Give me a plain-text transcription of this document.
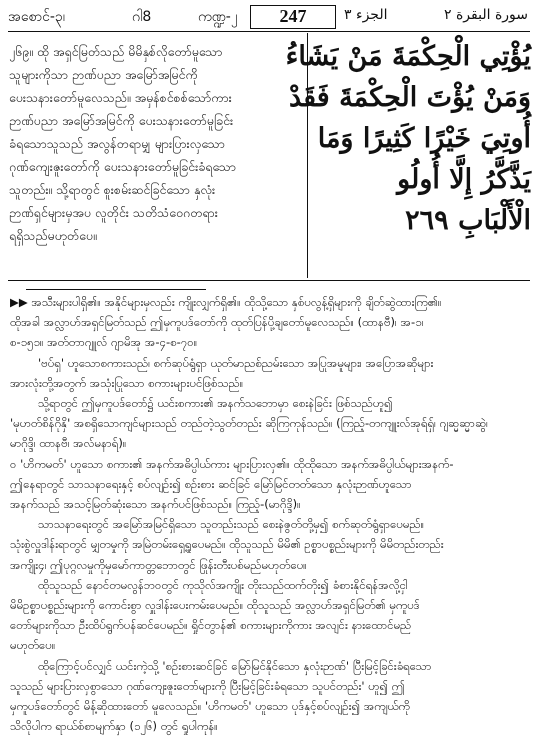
အစောင်-၃၊	ဂါ8	ကဏ္ဍ-၂	247	الجزء ٣	سورة البقرة ٢

၂၆၉။ ထို အရှင်မြတ်သည် မိမိနှစ်လိုတော်မူသော

သူများကိုသာ ဉာဏ်ပညာ အမြော်အမြင်ကို

ပေးသနားတော်မူလေသည်။ အမှန်စင်စစ်သော်ကား

ဉာဏ်ပညာ အမြော်အမြင်ကို ပေးသနားတော်မူခြင်း

ခံရသောသူသည် အလွန်တရာမျှ များပြားလှသော

ဂုဏ်ကျေးဇူးတော်ကို ပေးသနားတော်မူခြင်းခံရသော

သူတည်း။ သို့ရာတွင် စူးစမ်းဆင်ခြင်သော နှလုံး

ဉာဏ်ရှင်များမှအပ လူတိုင်း သတိသံဝေဂတရား

ရရှိသည်မဟုတ်ပေ။

يُؤْتِي الْحِكْمَةَ مَنْ يَشَاءُ

وَمَنْ يُؤْتَ الْحِكْمَةَ فَقَدْ

أُوتِيَ خَيْرًا كَثِيرًا وَمَا

يَذَّكَّرُ إِلَّا أُولُو

الْأَلْبَابِ ٢٦٩

▶▶ အသီးများပါရှိ၏။ အနိုင်များမှလည်း ကျိုးလျှက်ရှိ၏။ ထိုသို့သော နှစ်ပလွန့်ရှိများကို ချိတ်ဆွဲထားကြ၏။

ထိုအခါ အလ္လာဟ်အရှင်မြတ်သည် ဤမှကူပဒ်တော်ကို ထုတ်ပြန်ပို့ချတော်မူလေသည်။ (ထာနဗီ)၊ အ-၁၊

စ-၁၅၁။ အတ်တာဂျူလ် ဂျာမိအု အ-၄-စ-၇၀။

'ဗပ်ရှ' ဟူသောစကားသည်၊ စက်ဆုပ်ရွံရှာ ယုတ်မာညစ်ညမ်းသော အပြုအမူများ၊ အပြောအဆိုများ

အားလုံးတို့အတွက် အသုံးပြုသော စကားများပင်ဖြစ်သည်။

သို့ရာတွင် ဤမှကူပဒ်တော်၌ ယင်းစကား၏ အနက်သဘောမှာ စေးနဲခြင်း ဖြစ်သည်ဟူ၍

'မုဟတ်စိန်ဂိုနှိ' အစရှိသောကျင်များသည် တည်တဲ့သွတ်တည်း ဆိုကြကုန်သည်။ (ကြည့်-တကျူးလ်အုရ်ရှ်၊ ဂျဆ္မဆ္မာဆွဲ၊

မာဂိုဒ္ဒိ၊ ထာနဗီ၊ အလ်မနာရ်)။

ဝ 'ဟိကမတ်' ဟူသော စကား၏ အနက်အဓိပ္ပါယ်ကား များပြားလှ၏။ ထိုထိုသော အနက်အဓိပ္ပါယ်များအနက်-

ဤနေရာတွင် သာသနာရေးနှင့် စပ်လျဉ်း၍ စဉ်းစား ဆင်ခြင် မြော်မြင်တတ်သော နှလုံးဉာဏ်ဟူသော

အနက်သည် အသင့်မြတ်ဆုံးသော အနက်ပင်ဖြစ်သည်။ ကြည့်-(မာဂိုဒ္ဒိ)။

သာသနာရေးတွင် အမြော်အမြင်ရှိသော သူတည်းသည် စေးနဲဇွတ်တို့မှ၍ စက်ဆုတ်ရွံရှာပေမည်။

သုံးစွဲလှူဒါန်းရာတွင် မျှတမှုကို အမြဲတမ်းရှေ့ရှုပေမည်။ ထိုသူသည် မိမိ၏ ဥစ္စာပစ္စည်းများကို မိမိတည်းတည်း

အကျိုး၄၊ ဤပုဂ္ဂလမှုကိုမှမော်ကာတ္တဘောတွင် ဖြုန်းတီးပစ်မည်မဟုတ်ပေ။

ထိုသူသည် နောင်တမလွန်ဘဝတွင် ကုသိုလ်အကျိုး တိုးသည်ထက်တိုး၍ ခံစားနိုင်ရန်အလို့ငှါ

မိမိဥစ္စာပစ္စည်းများကို ကောင်းစွာ လှူဒါန်းပေးကမ်းပေမည်။ ထိုသူသည် အလ္လာဟ်အရှင်မြတ်၏ မှကူပဒ်

တော်များကိုသာ ဦးထိပ်ရွက်ပန်ဆင်ပေမည်။ ရှိုင်တွာန်၏ စကားများကိုကား အလျင်း နားထောင်မည်

မဟုတ်ပေ။

ထိုကြောင့်ပင်လျှင် ယင်းကဲ့သို့ 'စဉ်းစားဆင်ခြင် မြော်မြင်နိုင်သော နှလုံးဉာဏ်' ပြီးမြင့်ခြင်းခံရသော

သူသည် များပြားလှစွာသော ဂုဏ်ကျေးဇူးတော်များကို ပြီးမြင့်ခြင်းခံရသော သူပင်တည်း' ဟူ၍ ဤ

မှကူပဒ်တော်တွင် မိန့်ဆိုထားတော် မူလေသည်။ 'ဟိကမတ်' ဟူသော ပုဒ်နှင့်စပ်လျဉ်း၍ အကျယ်ကို

သိလိုပါက ရာယ်စ်စာမျက်နှာ (၁၂၆) တွင် ရှုပါကုန်။
